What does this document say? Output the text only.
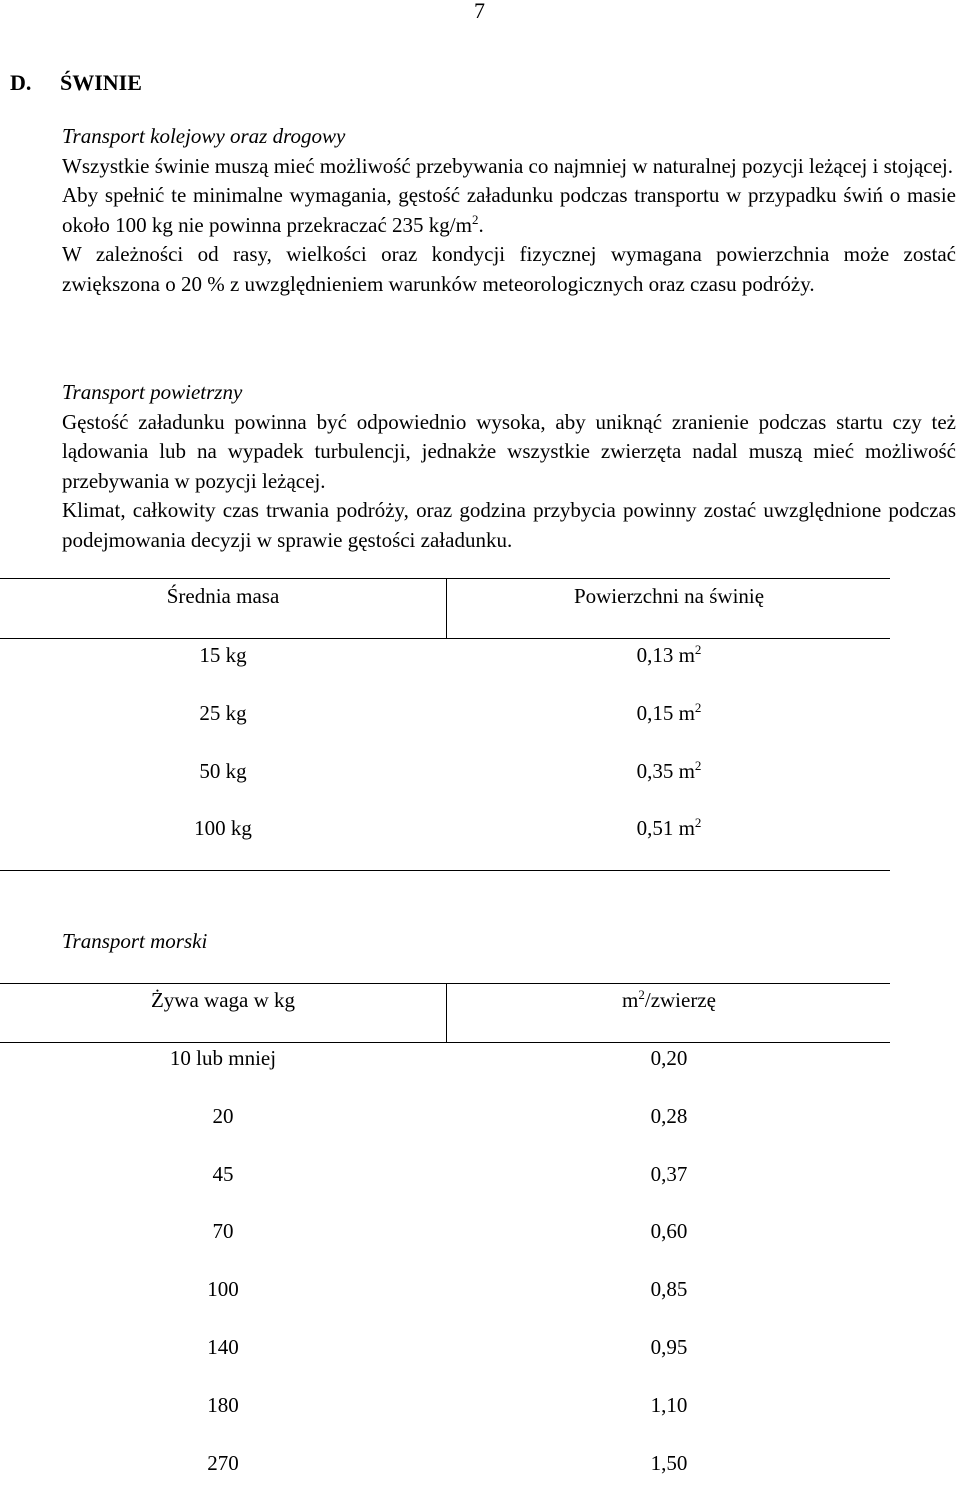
7
D. ŚWINIE

Transport kolejowy oraz drogowy

Wszystkie świnie muszą mieć możliwość przebywania co najmniej w naturalnej pozycji leżącej i stojącej.

Aby spełnić te minimalne wymagania, gęstość załadunku podczas transportu w przypadku świń o masie około 100 kg nie powinna przekraczać 235 $kg/m^2$.

W zależności od rasy, wielkości oraz kondycji fizycznej wymagana powierzchnia może zostać zwiększona o 20 % z uwzględnieniem warunków meteorologicznych oraz czasu podróży.

Transport powietrzny

Gęstość załadunku powinna być odpowiednio wysoka, aby uniknąć zranienie podczas startu czy też lądowania lub na wypadek turbulencji, jednakże wszystkie zwierzęta nadal muszą mieć możliwość przebywania w pozycji leżącej.

Klimat, całkowity czas trwania podróży, oraz godzina przybycia powinny zostać uwzględnione podczas podejmowania decyzji w sprawie gęstości załadunku.

Średnia masa	Powierzchni na świnię
15 kg	0,13 $m^2$
25 kg	0,15 $m^2$
50 kg	0,35 $m^2$
100 kg	0,51 $m^2$

Transport morski

Żywa waga w kg	$m^2$/zwierzę
10 lub mniej	0,20
20	0,28
45	0,37
70	0,60
100	0,85
140	0,95
180	1,10
270	1,50
